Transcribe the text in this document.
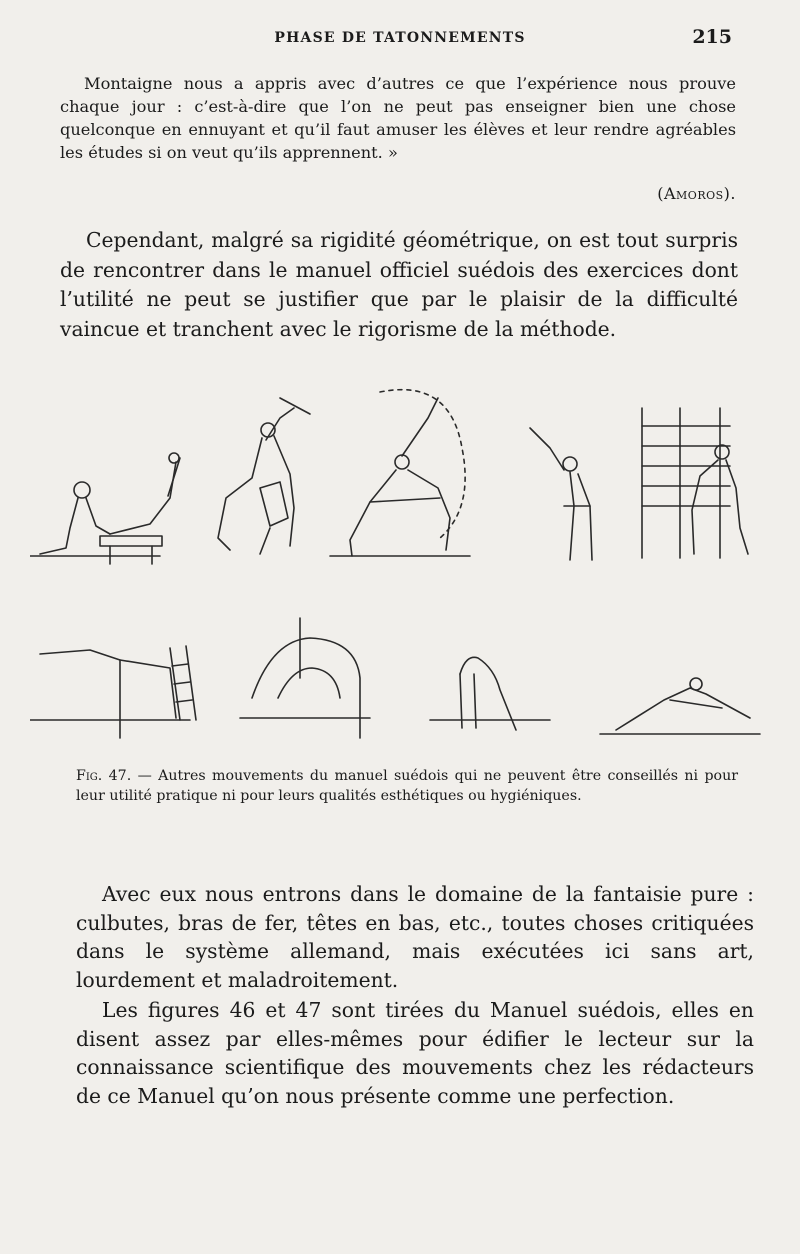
PHASE DE TATONNEMENTS	215

Montaigne nous a appris avec d’autres ce que l’expérience nous prouve chaque jour : c’est-à-dire que l’on ne peut pas enseigner bien une chose quelconque en ennuyant et qu’il faut amuser les élèves et leur rendre agréables les études si on veut qu’ils apprennent. »

(Amoros).

Cependant, malgré sa rigidité géométrique, on est tout surpris de rencontrer dans le manuel officiel suédois des exercices dont l’utilité ne peut se justifier que par le plaisir de la difficulté vaincue et tranchent avec le rigorisme de la méthode.

Fig. 47. — Autres mouvements du manuel suédois qui ne peuvent être conseillés ni pour leur utilité pratique ni pour leurs qualités esthétiques ou hygiéniques.

Avec eux nous entrons dans le domaine de la fantaisie pure : culbutes, bras de fer, têtes en bas, etc., toutes choses critiquées dans le système allemand, mais exécutées ici sans art, lourdement et maladroitement.

Les figures 46 et 47 sont tirées du Manuel suédois, elles en disent assez par elles-mêmes pour édifier le lecteur sur la connaissance scientifique des mouvements chez les rédacteurs de ce Manuel qu’on nous présente comme une perfection.
